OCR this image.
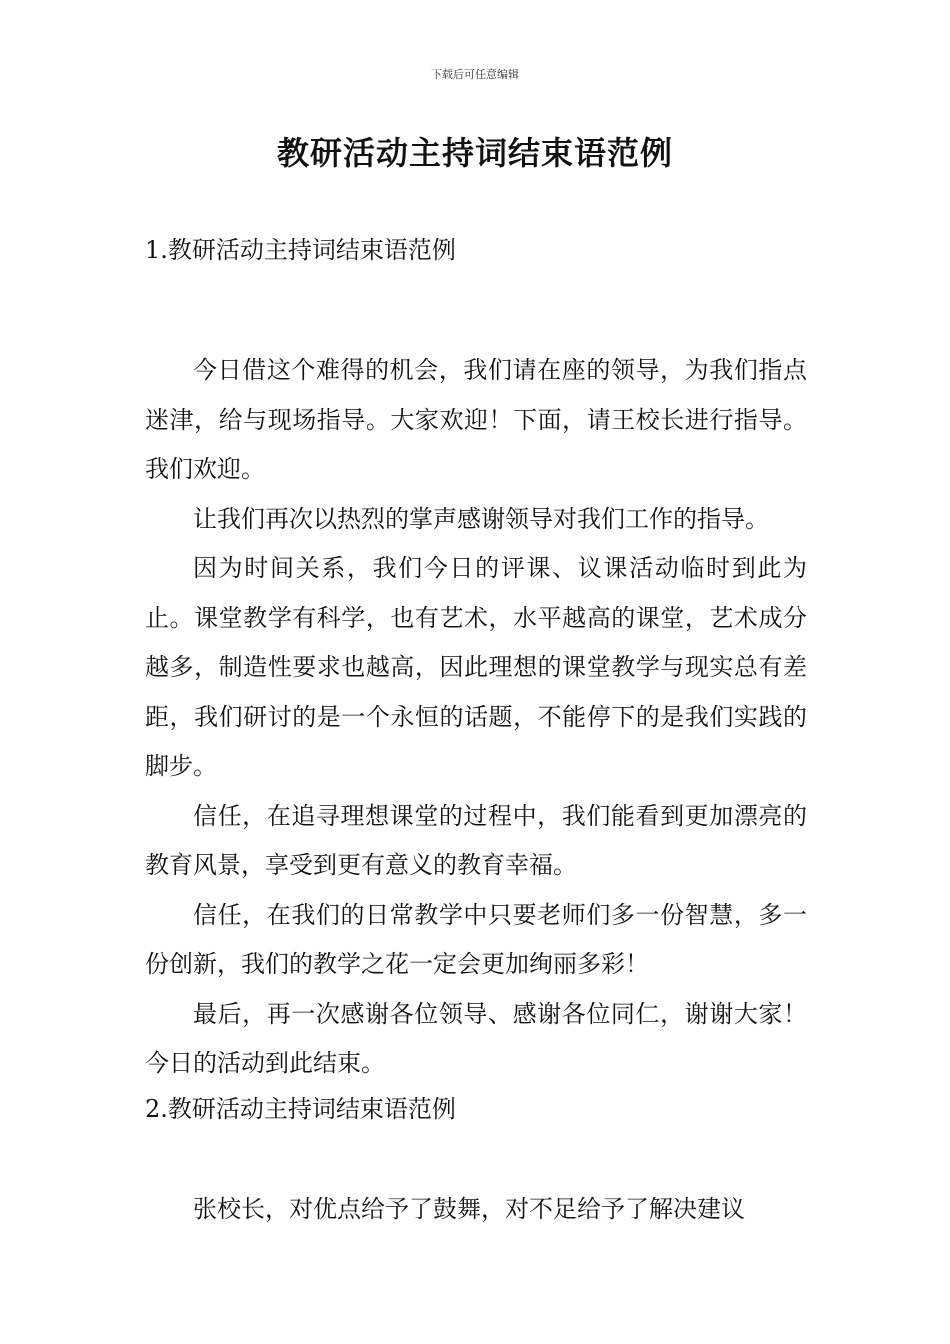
下载后可任意编辑
教研活动主持词结束语范例

1.教研活动主持词结束语范例

今日借这个难得的机会，我们请在座的领导，为我们指点迷津，给与现场指导。大家欢迎！下面，请王校长进行指导。我们欢迎。

让我们再次以热烈的掌声感谢领导对我们工作的指导。

因为时间关系，我们今日的评课、议课活动临时到此为止。课堂教学有科学，也有艺术，水平越高的课堂，艺术成分越多，制造性要求也越高，因此理想的课堂教学与现实总有差距，我们研讨的是一个永恒的话题，不能停下的是我们实践的脚步。

信任，在追寻理想课堂的过程中，我们能看到更加漂亮的教育风景，享受到更有意义的教育幸福。

信任，在我们的日常教学中只要老师们多一份智慧，多一份创新，我们的教学之花一定会更加绚丽多彩！

最后，再一次感谢各位领导、感谢各位同仁，谢谢大家！今日的活动到此结束。

2.教研活动主持词结束语范例

张校长，对优点给予了鼓舞，对不足给予了解决建议
